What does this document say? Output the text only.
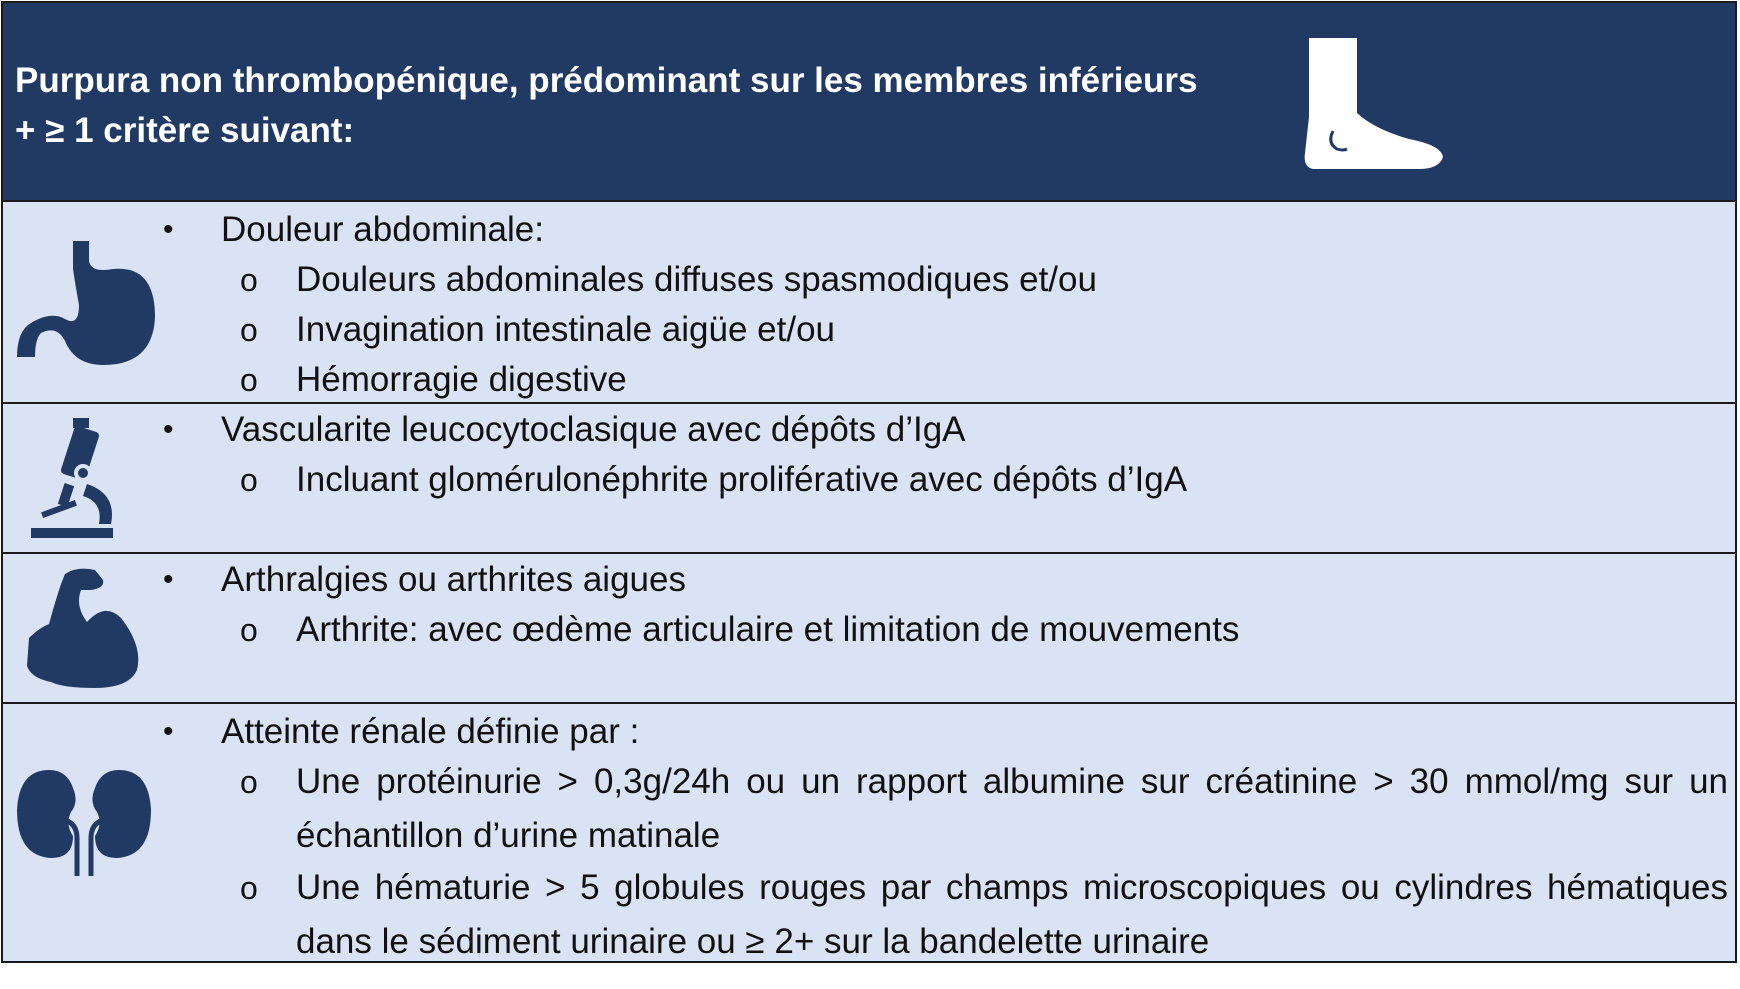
Purpura non thrombopénique, prédominant sur les membres inférieurs
+ ≥ 1 critère suivant:
• Douleur abdominale:
o Douleurs abdominales diffuses spasmodiques et/ou
o Invagination intestinale aigüe et/ou
o Hémorragie digestive
• Vascularite leucocytoclasique avec dépôts d’IgA
o Incluant glomérulonéphrite proliférative avec dépôts d’IgA
• Arthralgies ou arthrites aigues
o Arthrite: avec œdème articulaire et limitation de mouvements
• Atteinte rénale définie par :
o Une protéinurie > 0,3g/24h ou un rapport albumine sur créatinine > 30 mmol/mg sur un échantillon d’urine matinale
o Une hématurie > 5 globules rouges par champs microscopiques ou cylindres hématiques dans le sédiment urinaire ou ≥ 2+ sur la bandelette urinaire
